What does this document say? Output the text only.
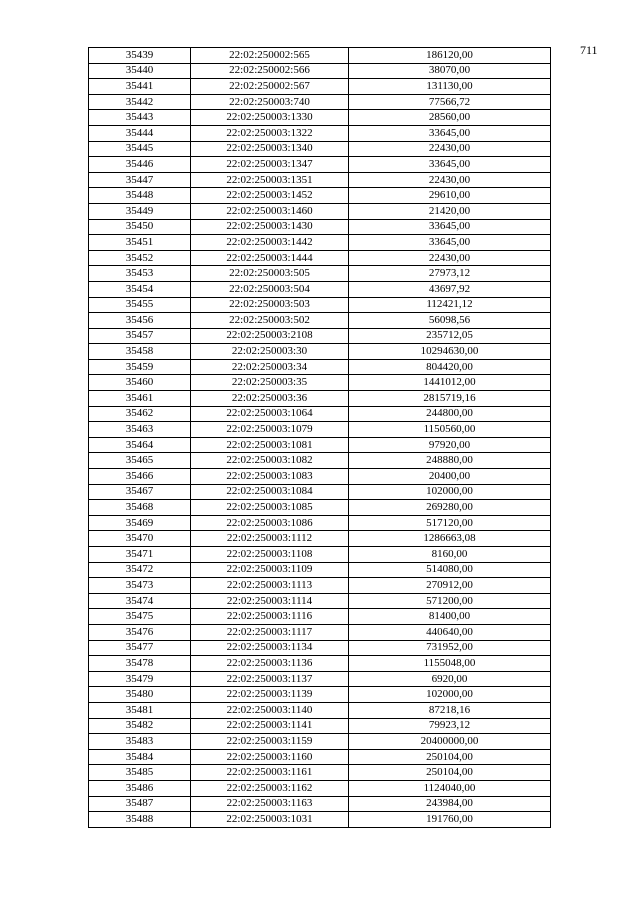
711
35439	22:02:250002:565	186120,00
35440	22:02:250002:566	38070,00
35441	22:02:250002:567	131130,00
35442	22:02:250003:740	77566,72
35443	22:02:250003:1330	28560,00
35444	22:02:250003:1322	33645,00
35445	22:02:250003:1340	22430,00
35446	22:02:250003:1347	33645,00
35447	22:02:250003:1351	22430,00
35448	22:02:250003:1452	29610,00
35449	22:02:250003:1460	21420,00
35450	22:02:250003:1430	33645,00
35451	22:02:250003:1442	33645,00
35452	22:02:250003:1444	22430,00
35453	22:02:250003:505	27973,12
35454	22:02:250003:504	43697,92
35455	22:02:250003:503	112421,12
35456	22:02:250003:502	56098,56
35457	22:02:250003:2108	235712,05
35458	22:02:250003:30	10294630,00
35459	22:02:250003:34	804420,00
35460	22:02:250003:35	1441012,00
35461	22:02:250003:36	2815719,16
35462	22:02:250003:1064	244800,00
35463	22:02:250003:1079	1150560,00
35464	22:02:250003:1081	97920,00
35465	22:02:250003:1082	248880,00
35466	22:02:250003:1083	20400,00
35467	22:02:250003:1084	102000,00
35468	22:02:250003:1085	269280,00
35469	22:02:250003:1086	517120,00
35470	22:02:250003:1112	1286663,08
35471	22:02:250003:1108	8160,00
35472	22:02:250003:1109	514080,00
35473	22:02:250003:1113	270912,00
35474	22:02:250003:1114	571200,00
35475	22:02:250003:1116	81400,00
35476	22:02:250003:1117	440640,00
35477	22:02:250003:1134	731952,00
35478	22:02:250003:1136	1155048,00
35479	22:02:250003:1137	6920,00
35480	22:02:250003:1139	102000,00
35481	22:02:250003:1140	87218,16
35482	22:02:250003:1141	79923,12
35483	22:02:250003:1159	20400000,00
35484	22:02:250003:1160	250104,00
35485	22:02:250003:1161	250104,00
35486	22:02:250003:1162	1124040,00
35487	22:02:250003:1163	243984,00
35488	22:02:250003:1031	191760,00
